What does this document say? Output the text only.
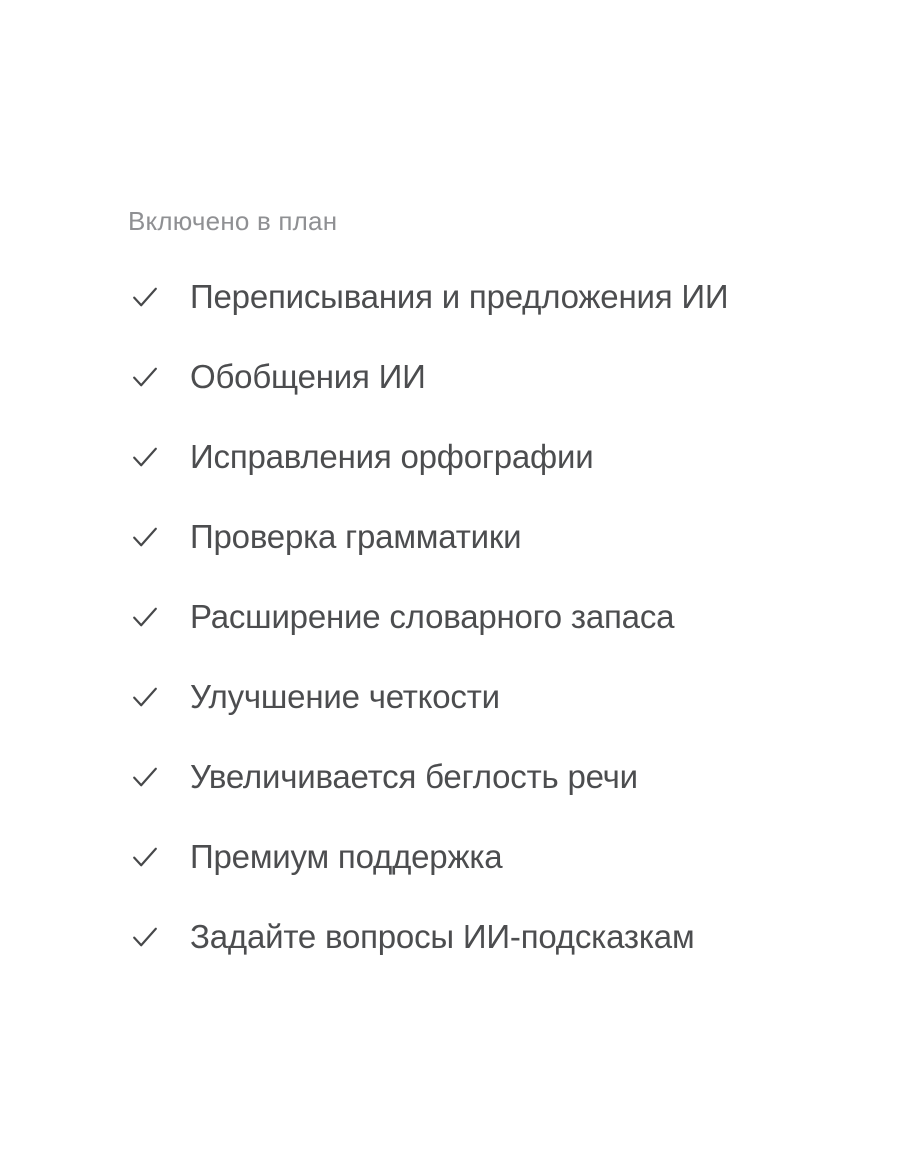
Включено в план
Переписывания и предложения ИИ
Обобщения ИИ
Исправления орфографии
Проверка грамматики
Расширение словарного запаса
Улучшение четкости
Увеличивается беглость речи
Премиум поддержка
Задайте вопросы ИИ-подсказкам
